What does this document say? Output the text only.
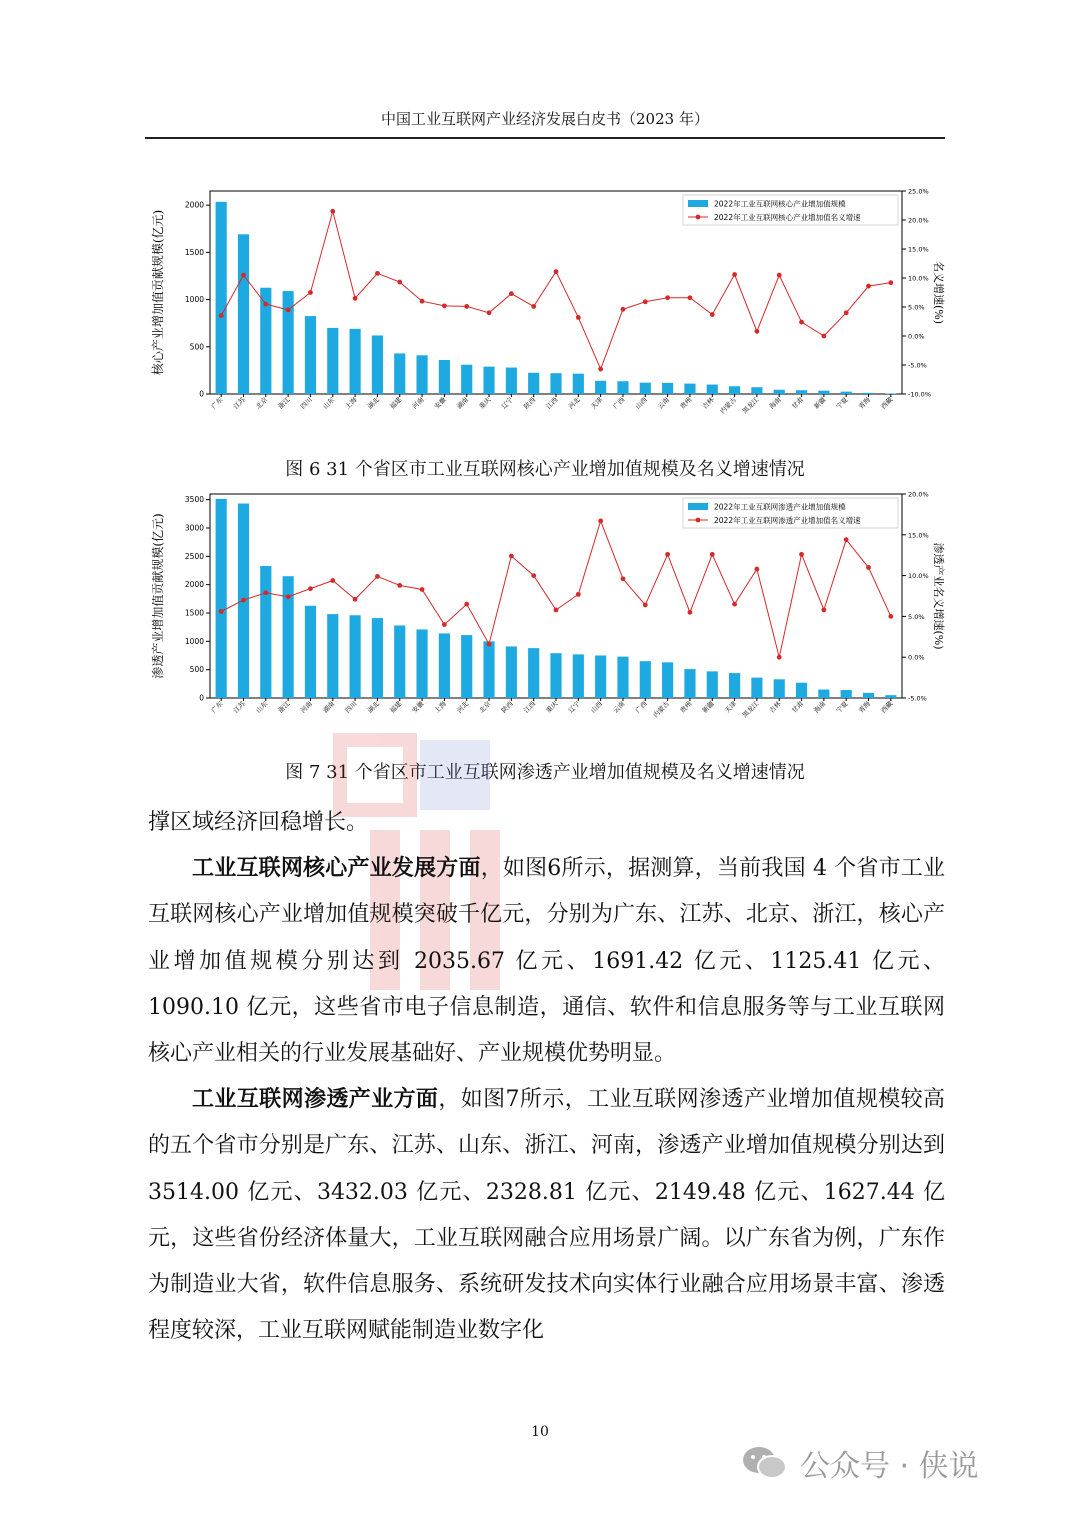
中国工业互联网产业经济发展白皮书（2023 年）
0
500
1000
1500
2000
-10.0%
-5.0%
0.0%
5.0%
10.0%
15.0%
20.0%
25.0%
核心产业增加值贡献规模(亿元)	名义增速(%)
广东 江苏 北京 浙江 四川 山东 上海 湖北 福建 河南 安徽 湖南 重庆 辽宁 陕西 江西 河北 天津 广西 山西 云南 贵州 吉林 内蒙古 黑龙江 海南 甘肃 新疆 宁夏 青海 西藏
2022年工业互联网核心产业增加值规模
2022年工业互联网核心产业增加值名义增速
图 6 31 个省区市工业互联网核心产业增加值规模及名义增速情况
0
500
1000
1500
2000
2500
3000
3500
-5.0%
0.0%
5.0%
10.0%
15.0%
20.0%
渗透产业增加值贡献规模(亿元)	渗透产业名义增速(%)
广东 江苏 山东 浙江 河南 湖南 四川 湖北 福建 安徽 上海 河北 北京 陕西 江西 重庆 辽宁 山西 云南 广西 内蒙古 贵州 新疆 天津 黑龙江 吉林 甘肃 海南 宁夏 青海 西藏
2022年工业互联网渗透产业增加值规模
2022年工业互联网渗透产业增加值名义增速
图 7 31 个省区市工业互联网渗透产业增加值规模及名义增速情况

撑区域经济回稳增长。

工业互联网核心产业发展方面，如图6所示，据测算，当前我国 4 个省市工业互联网核心产业增加值规模突破千亿元，分别为广东、江苏、北京、浙江，核心产业增加值规模分别达到 2035.67 亿元、1691.42 亿元、1125.41 亿元、1090.10 亿元，这些省市电子信息制造，通信、软件和信息服务等与工业互联网核心产业相关的行业发展基础好、产业规模优势明显。

工业互联网渗透产业方面，如图7所示，工业互联网渗透产业增加值规模较高的五个省市分别是广东、江苏、山东、浙江、河南，渗透产业增加值规模分别达到 3514.00 亿元、3432.03 亿元、2328.81 亿元、2149.48 亿元、1627.44 亿元，这些省份经济体量大，工业互联网融合应用场景广阔。以广东省为例，广东作为制造业大省，软件信息服务、系统研发技术向实体行业融合应用场景丰富、渗透程度较深，工业互联网赋能制造业数字化

10
公众号 · 侠说
